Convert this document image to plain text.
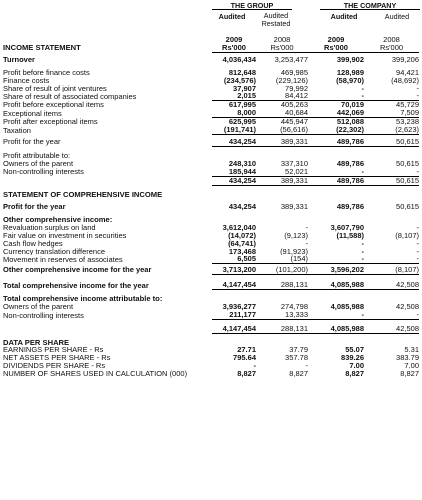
THE GROUP	THE COMPANY
Audited	Audited Restated
Audited	Audited
	2009	2008	2009	2008
INCOME STATEMENT	Rs'000	Rs'000	Rs'000	Rs'000

Turnover	4,036,434	3,253,477	399,902	399,206

Profit before finance costs	812,648	469,985	128,989	94,421
Finance costs	(234,576)	(229,126)	(58,970)	(48,692)
Share of result of joint ventures	37,907	79,992	-	-
Share of result of associated companies	2,015	84,412	-	-
Profit before exceptional items	617,995	405,263	70,019	45,729
Exceptional items	8,000	40,684	442,069	7,509
Profit after exceptional items	625,995	445,947	512,088	53,238
Taxation	(191,741)	(56,616)	(22,302)	(2,623)

Profit for the year	434,254	389,331	489,786	50,615

Profit attributable to:				
Owners of the parent	248,310	337,310	489,786	50,615
Non-controlling interests	185,944	52,021	-	-
	434,254	389,331	489,786	50,615

STATEMENT OF COMPREHENSIVE INCOME				

Profit for the year	434,254	389,331	489,786	50,615

Other comprehensive income:				
Revaluation surplus on land	3,612,040	-	3,607,790	-
Fair value on investment in securities	(14,072)	(9,123)	(11,588)	(8,107)
Cash flow hedges	(64,741)	-	-	-
Currency translation difference	173,468	(91,923)	-	-
Movement in reserves of associates	6,505	(154)	-	-
Other comprehensive income for the year	3,713,200	(101,200)	3,596,202	(8,107)

Total comprehensive income for the year	4,147,454	288,131	4,085,988	42,508

Total comprehensive income attributable to:				
Owners of the parent	3,936,277	274,798	4,085,988	42,508
Non-controlling interests	211,177	13,333	-	-

	4,147,454	288,131	4,085,988	42,508

DATA PER SHARE				
EARNINGS PER SHARE - Rs	27.71	37.79	55.07	5.31
NET ASSETS PER SHARE - Rs	795.64	357.78	839.26	383.79
DIVIDENDS PER SHARE - Rs	-	-	7.00	7.00
NUMBER OF SHARES USED IN CALCULATION (000)	8,827	8,827	8,827	8,827
